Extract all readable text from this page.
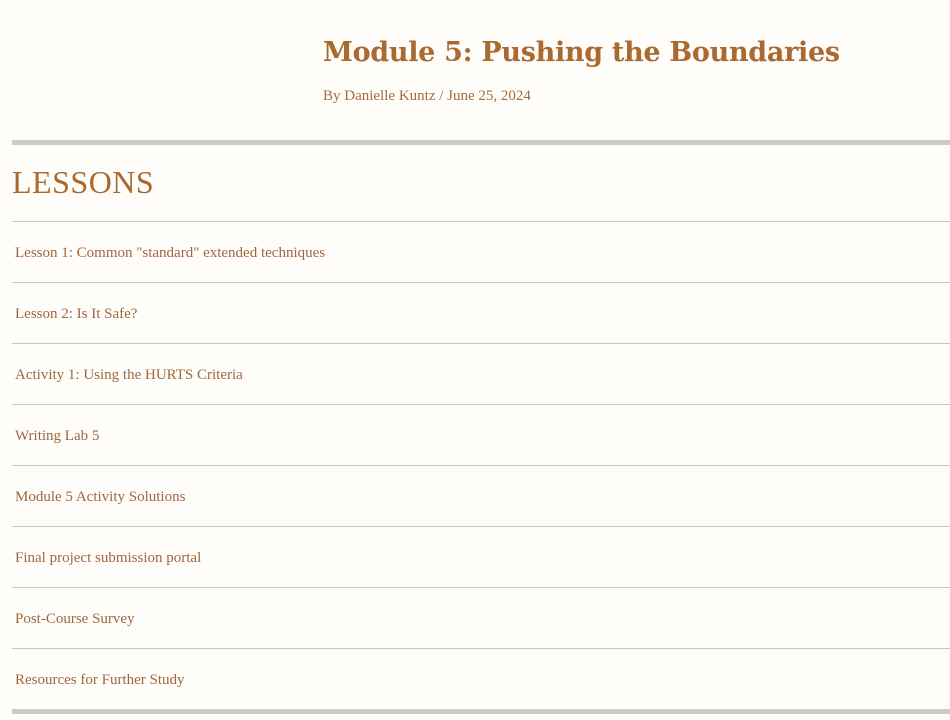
Module 5: Pushing the Boundaries
By Danielle Kuntz / June 25, 2024
LESSONS
Lesson 1: Common "standard" extended techniques
Lesson 2: Is It Safe?
Activity 1: Using the HURTS Criteria
Writing Lab 5
Module 5 Activity Solutions
Final project submission portal
Post-Course Survey
Resources for Further Study
